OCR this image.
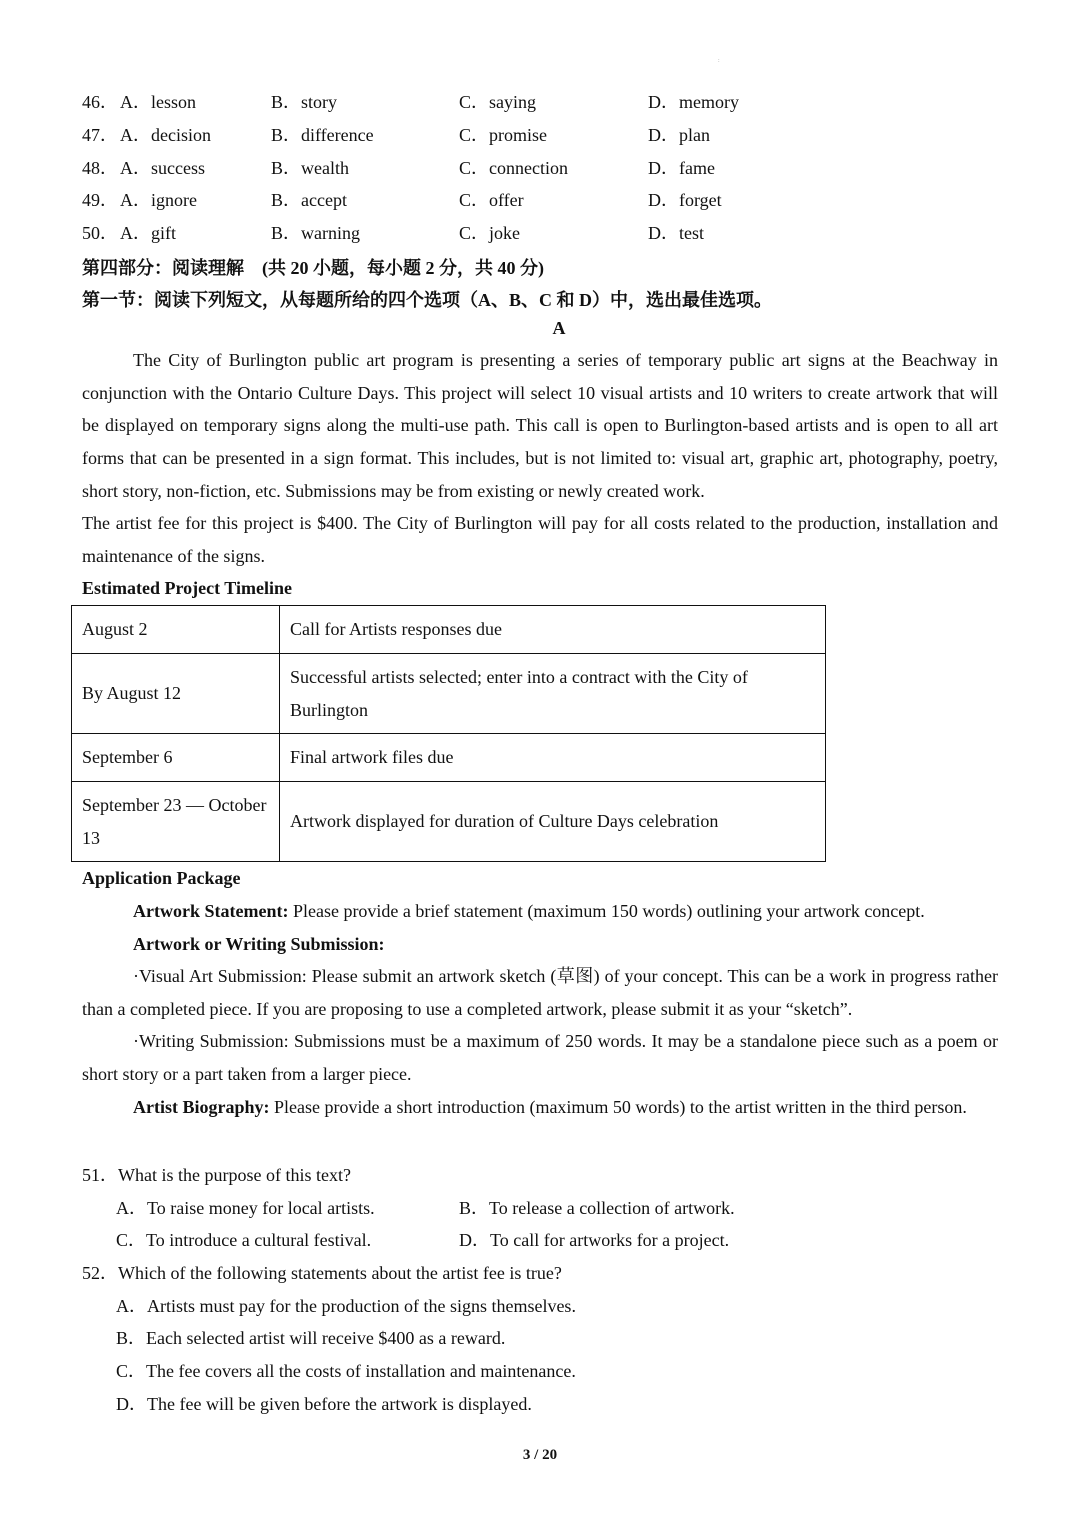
:
46． A．lesson	B．story	C．saying	D．memory
47． A．decision	B．difference	C．promise	D．plan
48． A．success	B．wealth	C．connection	D．fame
49． A．ignore	B．accept	C．offer	D．forget
50． A．gift	B．warning	C．joke	D．test
第四部分：阅读理解　(共 20 小题，每小题 2 分，共 40 分)
第一节：阅读下列短文，从每题所给的四个选项（A、B、C 和 D）中，选出最佳选项。
A
The City of Burlington public art program is presenting a series of temporary public art signs at the Beachway in conjunction with the Ontario Culture Days. This project will select 10 visual artists and 10 writers to create artwork that will be displayed on temporary signs along the multi-use path. This call is open to Burlington-based artists and is open to all art forms that can be presented in a sign format. This includes, but is not limited to: visual art, graphic art, photography, poetry, short story, non-fiction, etc. Submissions may be from existing or newly created work.
The artist fee for this project is $400. The City of Burlington will pay for all costs related to the production, installation and maintenance of the signs.
Estimated Project Timeline
August 2	Call for Artists responses due
By August 12	Successful artists selected; enter into a contract with the City of Burlington
September 6	Final artwork files due
September 23 — October 13	Artwork displayed for duration of Culture Days celebration
Application Package
Artwork Statement: Please provide a brief statement (maximum 150 words) outlining your artwork concept.
Artwork or Writing Submission:
·Visual Art Submission: Please submit an artwork sketch (草图) of your concept. This can be a work in progress rather than a completed piece. If you are proposing to use a completed artwork, please submit it as your “sketch”.
·Writing Submission: Submissions must be a maximum of 250 words. It may be a standalone piece such as a poem or short story or a part taken from a larger piece.
Artist Biography: Please provide a short introduction (maximum 50 words) to the artist written in the third person.
51．What is the purpose of this text?
A．To raise money for local artists.	B．To release a collection of artwork.
C．To introduce a cultural festival.	D．To call for artworks for a project.
52．Which of the following statements about the artist fee is true?
A．Artists must pay for the production of the signs themselves.
B．Each selected artist will receive $400 as a reward.
C．The fee covers all the costs of installation and maintenance.
D．The fee will be given before the artwork is displayed.
3 / 20
